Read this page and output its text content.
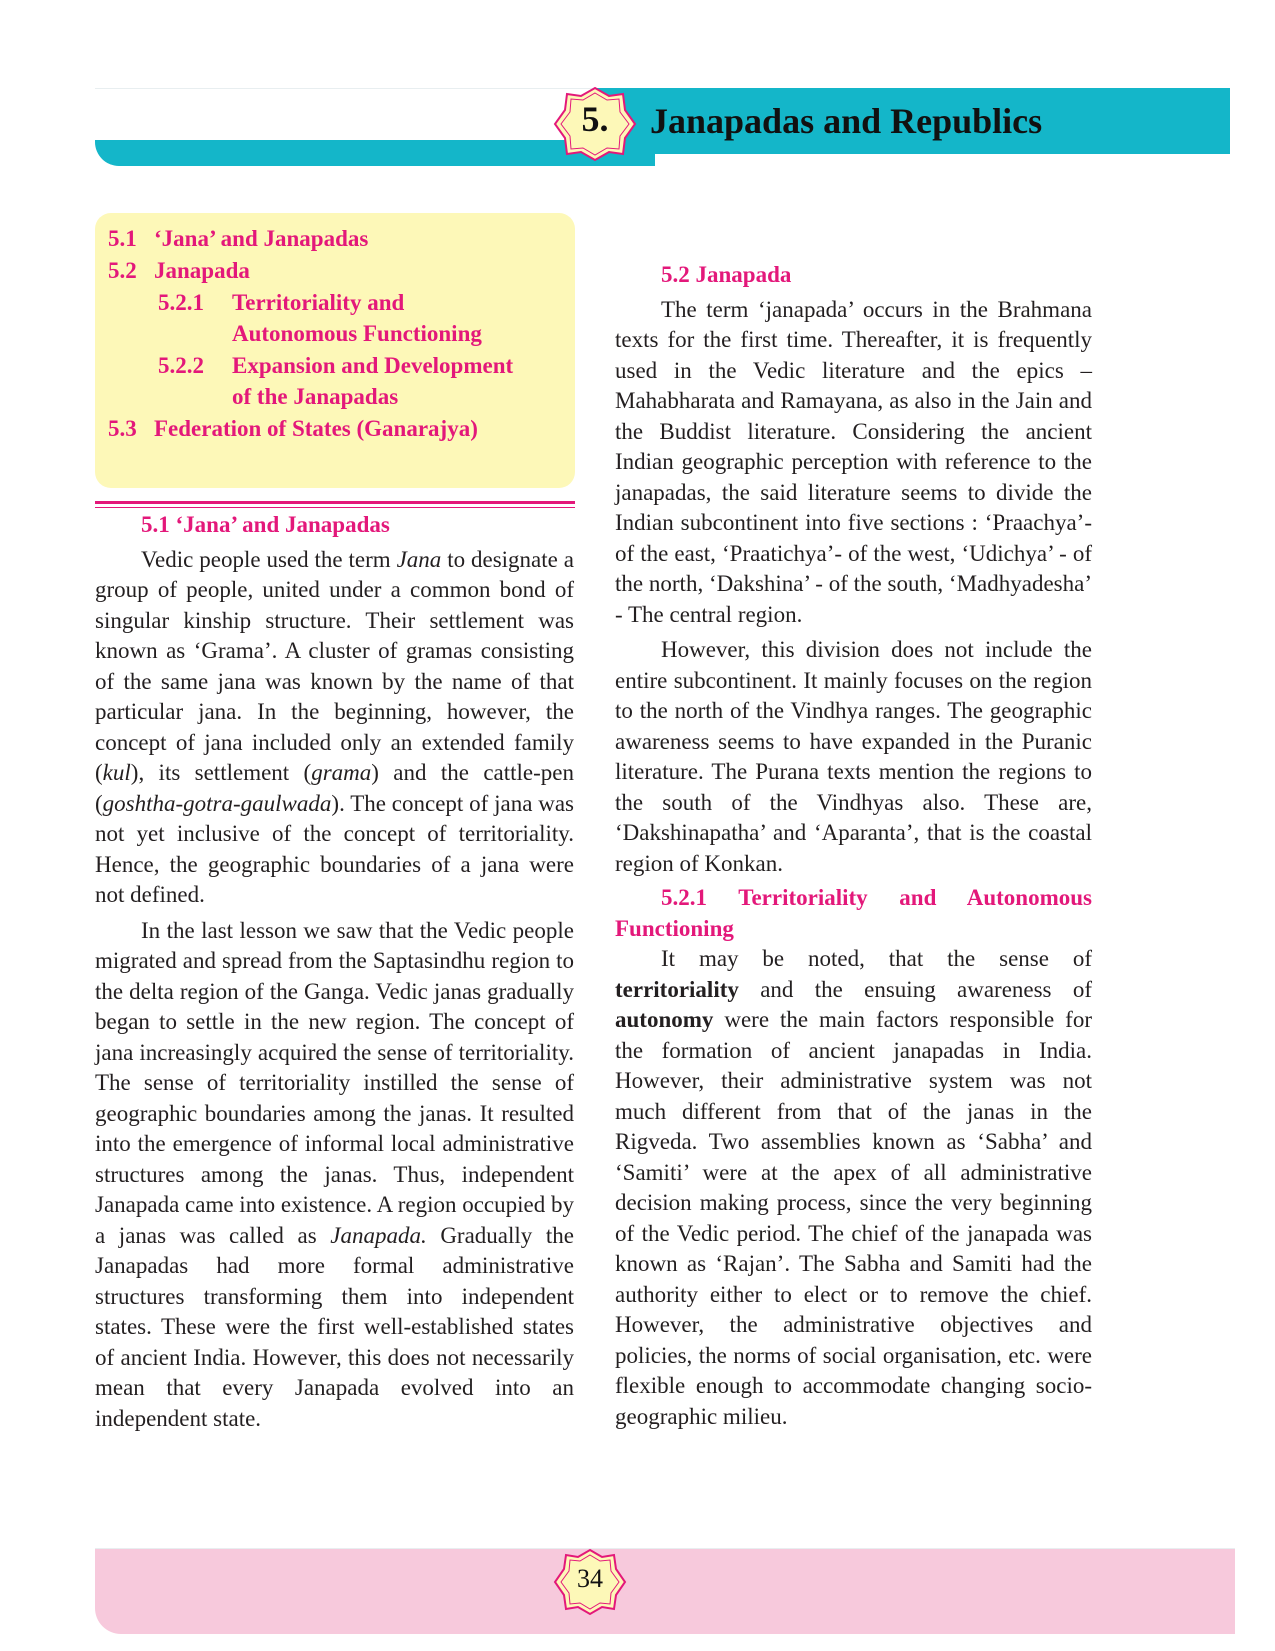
5.	Janapadas and Republics
5.1 ‘Jana’ and Janapadas
5.2 Janapada
5.2.1 Territoriality and
Autonomous Functioning
5.2.2 Expansion and Development
of the Janapadas
5.3 Federation of States (Ganarajya)
5.1 ‘Jana’ and Janapadas

Vedic people used the term Jana to designate a group of people, united under a common bond of singular kinship structure. Their settlement was known as ‘Grama’. A cluster of gramas consisting of the same jana was known by the name of that particular jana. In the beginning, however, the concept of jana included only an extended family (kul), its settlement (grama) and the cattle-pen (goshtha-gotra-gaulwada). The concept of jana was not yet inclusive of the concept of territoriality. Hence, the geographic boundaries of a jana were not defined.

In the last lesson we saw that the Vedic people migrated and spread from the Saptasindhu region to the delta region of the Ganga. Vedic janas gradually began to settle in the new region. The concept of jana increasingly acquired the sense of territoriality. The sense of territoriality instilled the sense of geographic boundaries among the janas. It resulted into the emergence of informal local administrative structures among the janas. Thus, independent Janapada came into existence. A region occupied by a janas was called as Janapada. Gradually the Janapadas had more formal administrative structures transforming them into independent states. These were the first well-established states of ancient India. However, this does not necessarily mean that every Janapada evolved into an independent state.

5.2 Janapada

The term ‘janapada’ occurs in the Brahmana texts for the first time. Thereafter, it is frequently used in the Vedic literature and the epics – Mahabharata and Ramayana, as also in the Jain and the Buddist literature. Considering the ancient Indian geographic perception with reference to the janapadas, the said literature seems to divide the Indian subcontinent into five sections : ‘Praachya’- of the east, ‘Praatichya’- of the west, ‘Udichya’ - of the north, ‘Dakshina’ - of the south, ‘Madhyadesha’ - The central region.

However, this division does not include the entire subcontinent. It mainly focuses on the region to the north of the Vindhya ranges. The geographic awareness seems to have expanded in the Puranic literature. The Purana texts mention the regions to the south of the Vindhyas also. These are, ‘Dakshinapatha’ and ‘Aparanta’, that is the coastal region of Konkan.

5.2.1 Territoriality and Autonomous Functioning

It may be noted, that the sense of territoriality and the ensuing awareness of autonomy were the main factors responsible for the formation of ancient janapadas in India. However, their administrative system was not much different from that of the janas in the Rigveda. Two assemblies known as ‘Sabha’ and ‘Samiti’ were at the apex of all administrative decision making process, since the very beginning of the Vedic period. The chief of the janapada was known as ‘Rajan’. The Sabha and Samiti had the authority either to elect or to remove the chief. However, the administrative objectives and policies, the norms of social organisation, etc. were flexible enough to accommodate changing socio-geographic milieu.

34
